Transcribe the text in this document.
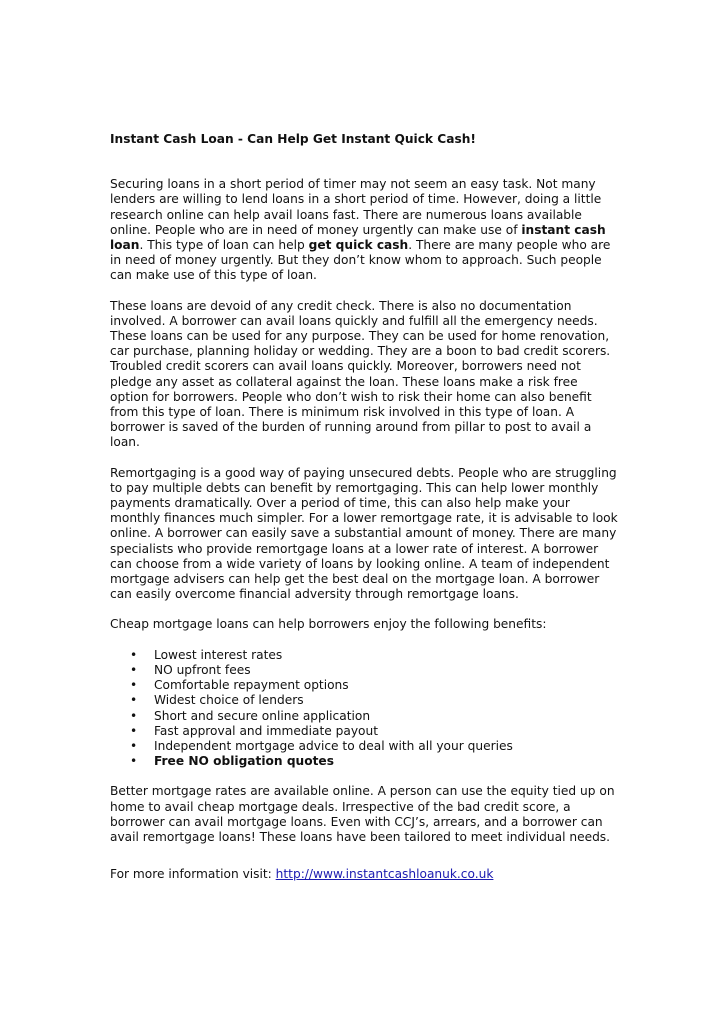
Instant Cash Loan - Can Help Get Instant Quick Cash!

Securing loans in a short period of timer may not seem an easy task. Not many lenders are willing to lend loans in a short period of time. However, doing a little research online can help avail loans fast. There are numerous loans available online. People who are in need of money urgently can make use of instant cash loan. This type of loan can help get quick cash. There are many people who are in need of money urgently. But they don’t know whom to approach. Such people can make use of this type of loan.

These loans are devoid of any credit check. There is also no documentation involved. A borrower can avail loans quickly and fulfill all the emergency needs. These loans can be used for any purpose. They can be used for home renovation, car purchase, planning holiday or wedding. They are a boon to bad credit scorers. Troubled credit scorers can avail loans quickly. Moreover, borrowers need not pledge any asset as collateral against the loan. These loans make a risk free option for borrowers. People who don’t wish to risk their home can also benefit from this type of loan. There is minimum risk involved in this type of loan. A borrower is saved of the burden of running around from pillar to post to avail a loan.

Remortgaging is a good way of paying unsecured debts. People who are struggling to pay multiple debts can benefit by remortgaging. This can help lower monthly payments dramatically. Over a period of time, this can also help make your monthly finances much simpler. For a lower remortgage rate, it is advisable to look online. A borrower can easily save a substantial amount of money. There are many specialists who provide remortgage loans at a lower rate of interest. A borrower can choose from a wide variety of loans by looking online. A team of independent mortgage advisers can help get the best deal on the mortgage loan. A borrower can easily overcome financial adversity through remortgage loans.

Cheap mortgage loans can help borrowers enjoy the following benefits:

• Lowest interest rates
• NO upfront fees
• Comfortable repayment options
• Widest choice of lenders
• Short and secure online application
• Fast approval and immediate payout
• Independent mortgage advice to deal with all your queries
• Free NO obligation quotes

Better mortgage rates are available online. A person can use the equity tied up on home to avail cheap mortgage deals. Irrespective of the bad credit score, a borrower can avail mortgage loans. Even with CCJ’s, arrears, and a borrower can avail remortgage loans! These loans have been tailored to meet individual needs.

For more information visit: http://www.instantcashloanuk.co.uk
